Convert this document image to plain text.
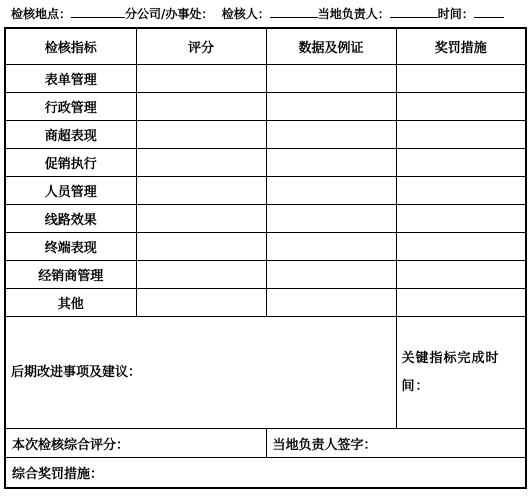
检核地点：	分公司/办事处： 检核人：	当地负责人：	时间：
检核指标	评分	数据及例证	奖罚措施
表单管理			
行政管理			
商超表现			
促销执行			
人员管理			
线路效果			
终端表现			
经销商管理			
其他			

后期改进事项及建议：			关键指标完成时间：

本次检核综合评分：		当地负责人签字：	

综合奖罚措施：			
